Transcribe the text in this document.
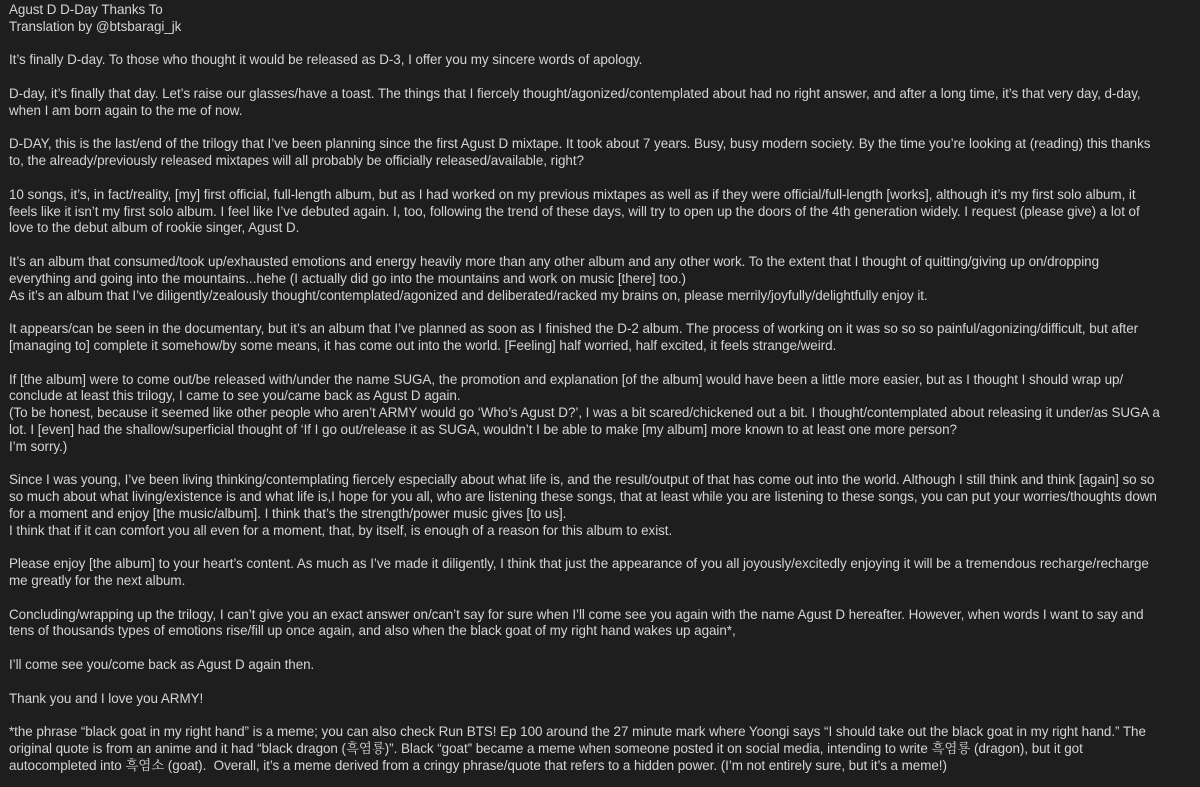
Agust D D-Day Thanks To
Translation by @btsbaragi_jk
It’s finally D-day. To those who thought it would be released as D-3, I offer you my sincere words of apology.
D-day, it’s finally that day. Let’s raise our glasses/have a toast. The things that I fiercely thought/agonized/contemplated about had no right answer, and after a long time, it’s that very day, d-day,
when I am born again to the me of now.
D-DAY, this is the last/end of the trilogy that I’ve been planning since the first Agust D mixtape. It took about 7 years. Busy, busy modern society. By the time you’re looking at (reading) this thanks
to, the already/previously released mixtapes will all probably be officially released/available, right?
10 songs, it’s, in fact/reality, [my] first official, full-length album, but as I had worked on my previous mixtapes as well as if they were official/full-length [works], although it’s my first solo album, it
feels like it isn’t my first solo album. I feel like I’ve debuted again. I, too, following the trend of these days, will try to open up the doors of the 4th generation widely. I request (please give) a lot of
love to the debut album of rookie singer, Agust D.
It’s an album that consumed/took up/exhausted emotions and energy heavily more than any other album and any other work. To the extent that I thought of quitting/giving up on/dropping
everything and going into the mountains...hehe (I actually did go into the mountains and work on music [there] too.)
As it’s an album that I’ve diligently/zealously thought/contemplated/agonized and deliberated/racked my brains on, please merrily/joyfully/delightfully enjoy it.
It appears/can be seen in the documentary, but it’s an album that I’ve planned as soon as I finished the D-2 album. The process of working on it was so so so painful/agonizing/difficult, but after
[managing to] complete it somehow/by some means, it has come out into the world. [Feeling] half worried, half excited, it feels strange/weird.
If [the album] were to come out/be released with/under the name SUGA, the promotion and explanation [of the album] would have been a little more easier, but as I thought I should wrap up/
conclude at least this trilogy, I came to see you/came back as Agust D again.
(To be honest, because it seemed like other people who aren’t ARMY would go ‘Who’s Agust D?’, I was a bit scared/chickened out a bit. I thought/contemplated about releasing it under/as SUGA a
lot. I [even] had the shallow/superficial thought of ‘If I go out/release it as SUGA, wouldn’t I be able to make [my album] more known to at least one more person?
I’m sorry.)
Since I was young, I’ve been living thinking/contemplating fiercely especially about what life is, and the result/output of that has come out into the world. Although I still think and think [again] so so
so much about what living/existence is and what life is,I hope for you all, who are listening these songs, that at least while you are listening to these songs, you can put your worries/thoughts down
for a moment and enjoy [the music/album]. I think that’s the strength/power music gives [to us].
I think that if it can comfort you all even for a moment, that, by itself, is enough of a reason for this album to exist.
Please enjoy [the album] to your heart’s content. As much as I’ve made it diligently, I think that just the appearance of you all joyously/excitedly enjoying it will be a tremendous recharge/recharge
me greatly for the next album.
Concluding/wrapping up the trilogy, I can’t give you an exact answer on/can’t say for sure when I’ll come see you again with the name Agust D hereafter. However, when words I want to say and
tens of thousands types of emotions rise/fill up once again, and also when the black goat of my right hand wakes up again*,
I’ll come see you/come back as Agust D again then.
Thank you and I love you ARMY!
*the phrase “black goat in my right hand” is a meme; you can also check Run BTS! Ep 100 around the 27 minute mark where Yoongi says “I should take out the black goat in my right hand.” The
original quote is from an anime and it had “black dragon (흑염룡)”. Black “goat” became a meme when someone posted it on social media, intending to write 흑염룡 (dragon), but it got
autocompleted into 흑염소 (goat).  Overall, it’s a meme derived from a cringy phrase/quote that refers to a hidden power. (I’m not entirely sure, but it’s a meme!)
